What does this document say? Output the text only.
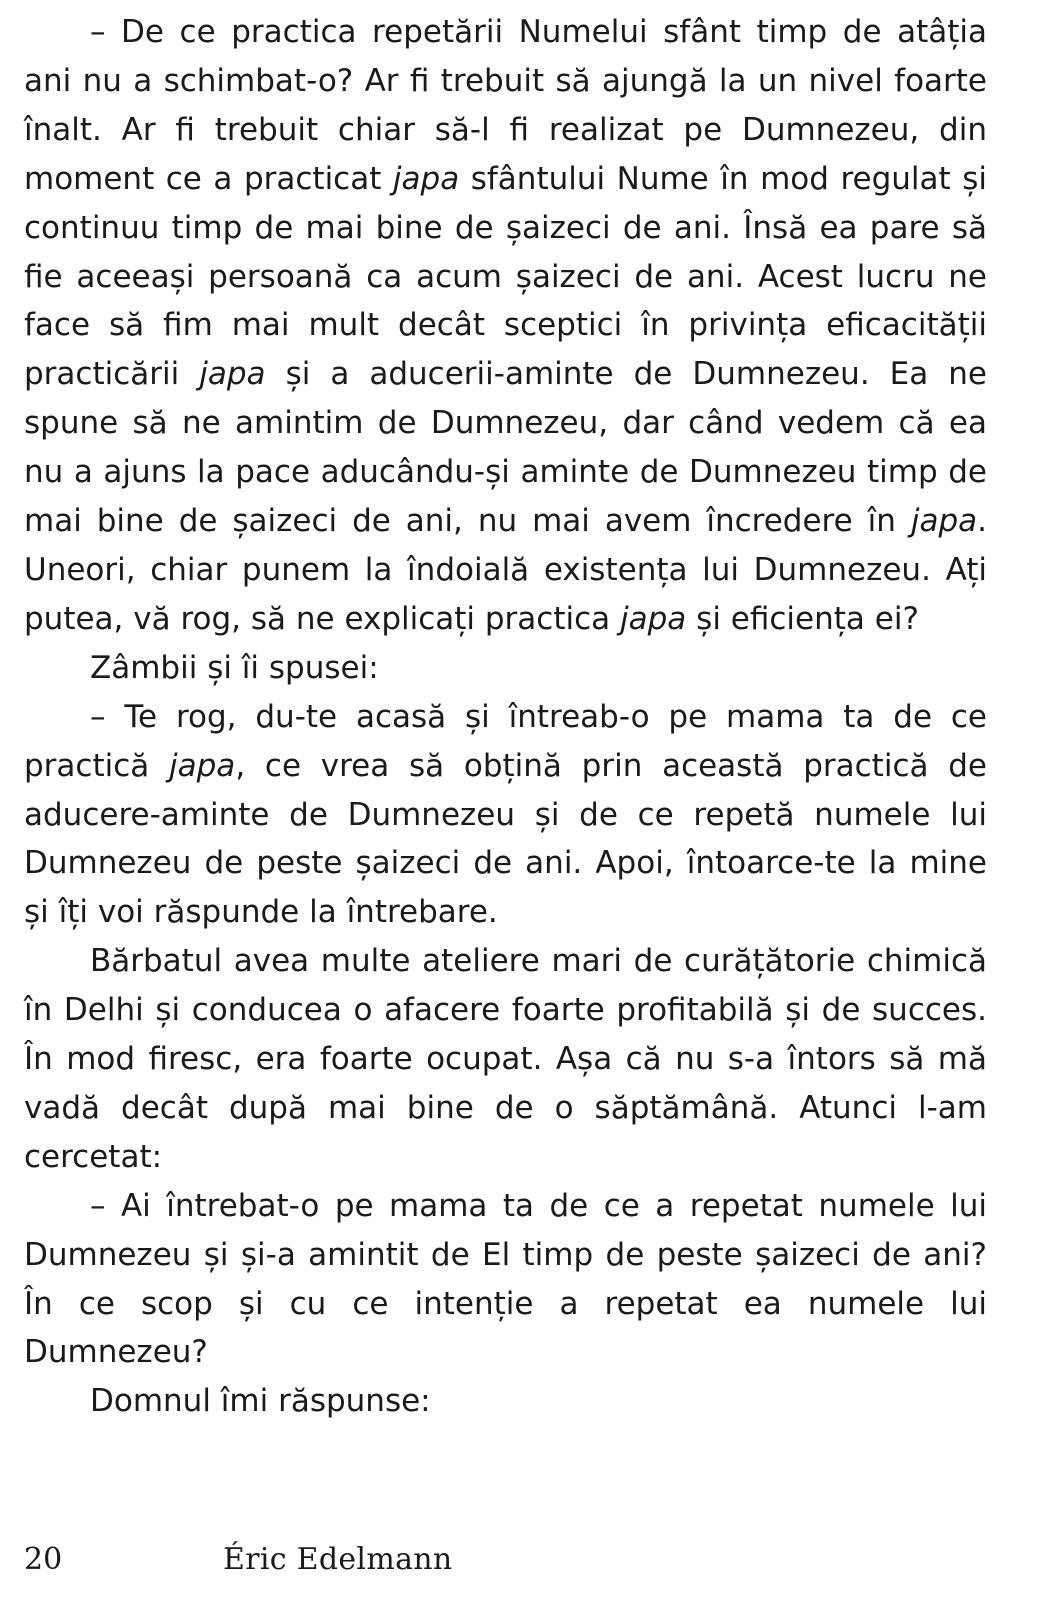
– De ce practica repetării Numelui sfânt timp de atâția ani nu a schimbat-o? Ar fi trebuit să ajungă la un nivel foarte înalt. Ar fi trebuit chiar să-l fi realizat pe Dumnezeu, din moment ce a practicat japa sfântului Nume în mod regulat și continuu timp de mai bine de șaizeci de ani. Însă ea pare să fie aceeași persoană ca acum șaizeci de ani. Acest lucru ne face să fim mai mult decât sceptici în privința eficacității practicării japa și a aducerii-aminte de Dumnezeu. Ea ne spune să ne amintim de Dumnezeu, dar când vedem că ea nu a ajuns la pace aducându-și aminte de Dumnezeu timp de mai bine de șaizeci de ani, nu mai avem încredere în japa. Uneori, chiar punem la îndoială existența lui Dumnezeu. Ați putea, vă rog, să ne explicați practica japa și eficiența ei?

Zâmbii și îi spusei:

– Te rog, du-te acasă și întreab-o pe mama ta de ce practică japa, ce vrea să obțină prin această practică de aducere-aminte de Dumnezeu și de ce repetă numele lui Dumnezeu de peste șaizeci de ani. Apoi, întoarce-te la mine și îți voi răspunde la întrebare.

Bărbatul avea multe ateliere mari de curățătorie chimică în Delhi și conducea o afacere foarte profitabilă și de succes. În mod firesc, era foarte ocupat. Așa că nu s-a întors să mă vadă decât după mai bine de o săptămână. Atunci l-am cercetat:

– Ai întrebat-o pe mama ta de ce a repetat numele lui Dumnezeu și și-a amintit de El timp de peste șaizeci de ani? În ce scop și cu ce intenție a repetat ea numele lui Dumnezeu?

Domnul îmi răspunse:

20	Éric Edelmann
